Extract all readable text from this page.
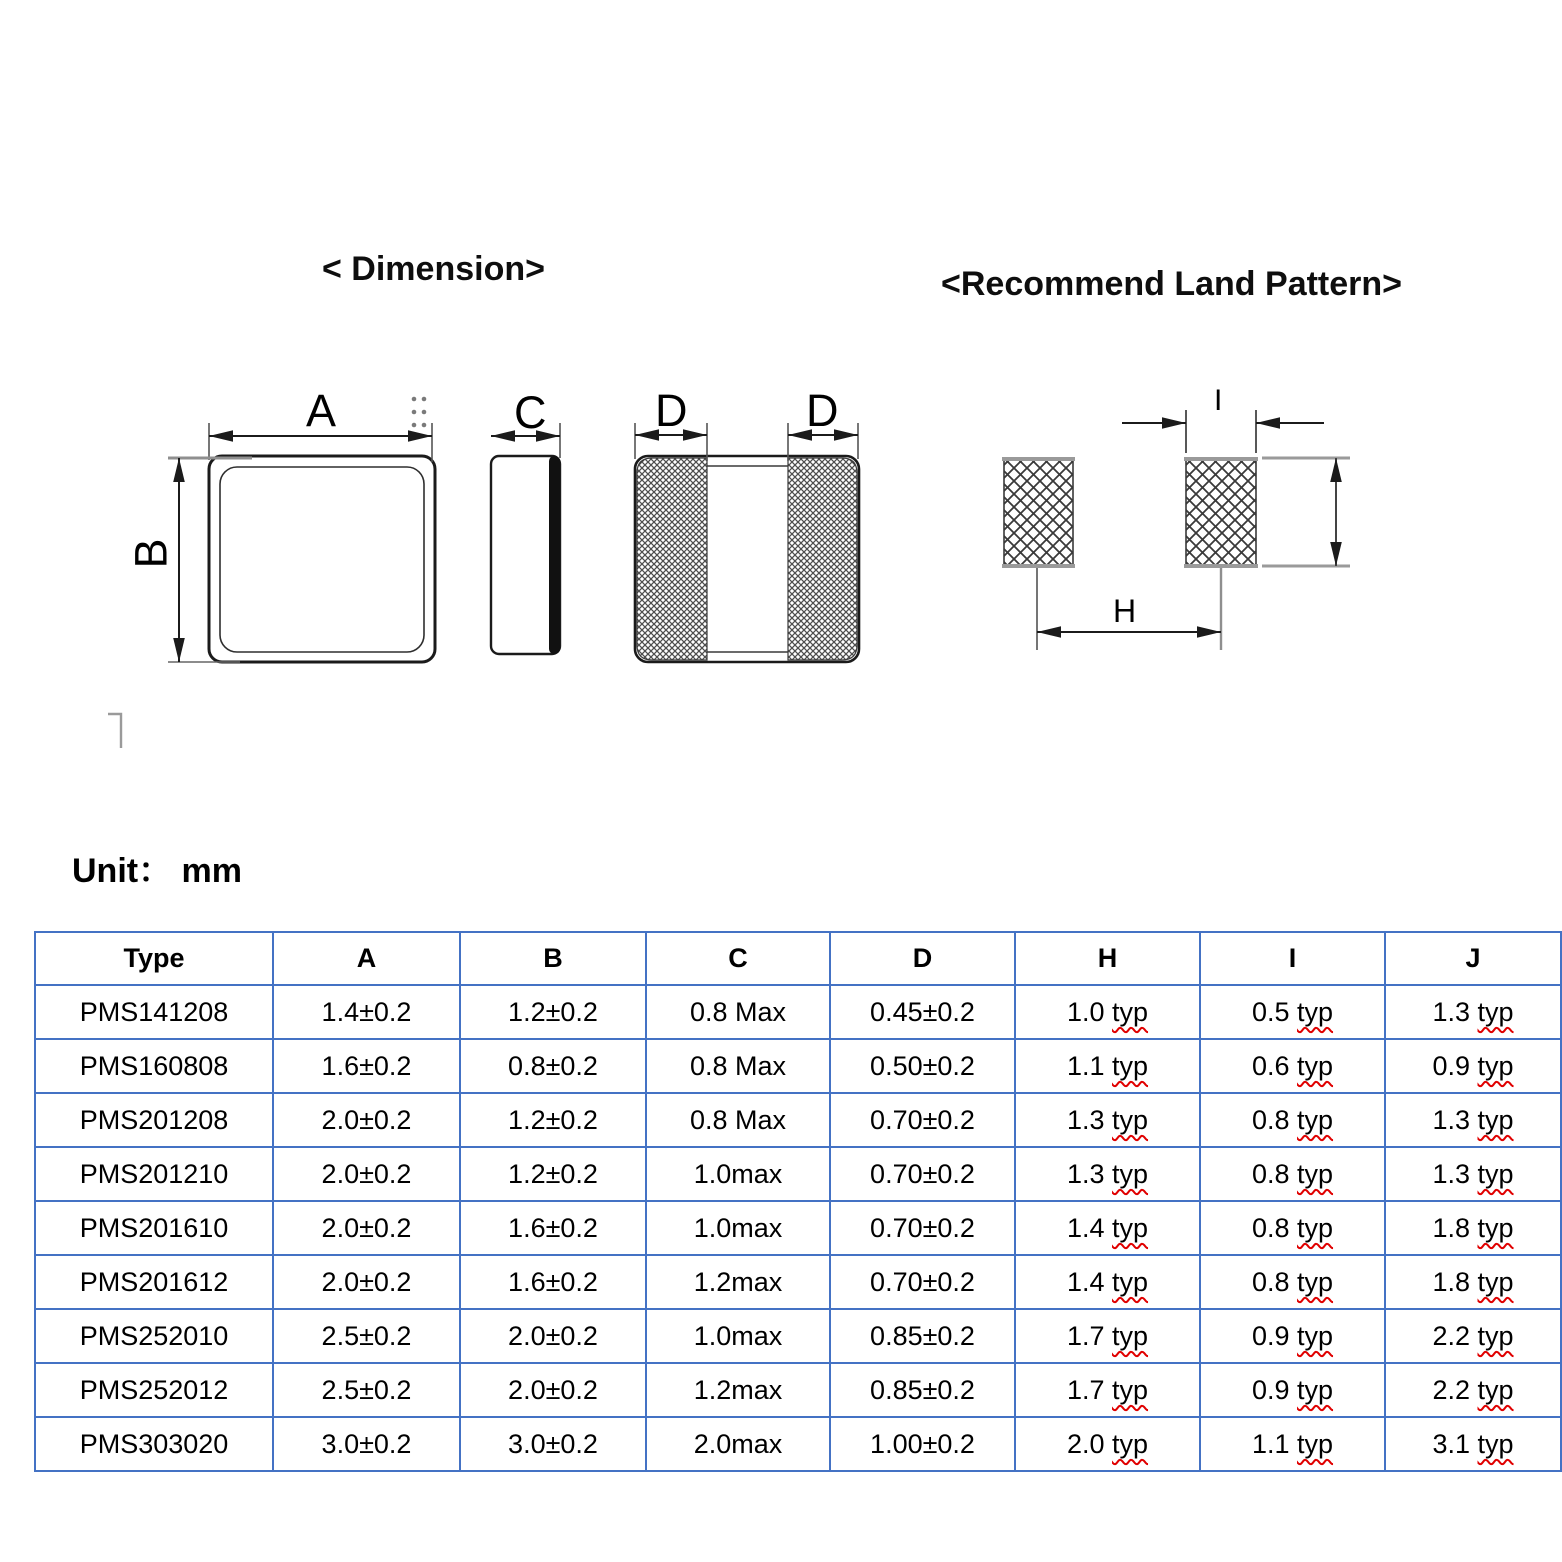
< Dimension>	<Recommend Land Pattern>
A
B
C D	D	I
H
Unit： mm
Type	A	B	C	D	H	I	J
PMS141208	1.4±0.2	1.2±0.2	0.8 Max	0.45±0.2	1.0 typ	0.5 typ	1.3 typ
PMS160808	1.6±0.2	0.8±0.2	0.8 Max	0.50±0.2	1.1 typ	0.6 typ	0.9 typ
PMS201208	2.0±0.2	1.2±0.2	0.8 Max	0.70±0.2	1.3 typ	0.8 typ	1.3 typ
PMS201210	2.0±0.2	1.2±0.2	1.0max	0.70±0.2	1.3 typ	0.8 typ	1.3 typ
PMS201610	2.0±0.2	1.6±0.2	1.0max	0.70±0.2	1.4 typ	0.8 typ	1.8 typ
PMS201612	2.0±0.2	1.6±0.2	1.2max	0.70±0.2	1.4 typ	0.8 typ	1.8 typ
PMS252010	2.5±0.2	2.0±0.2	1.0max	0.85±0.2	1.7 typ	0.9 typ	2.2 typ
PMS252012	2.5±0.2	2.0±0.2	1.2max	0.85±0.2	1.7 typ	0.9 typ	2.2 typ
PMS303020	3.0±0.2	3.0±0.2	2.0max	1.00±0.2	2.0 typ	1.1 typ	3.1 typ
